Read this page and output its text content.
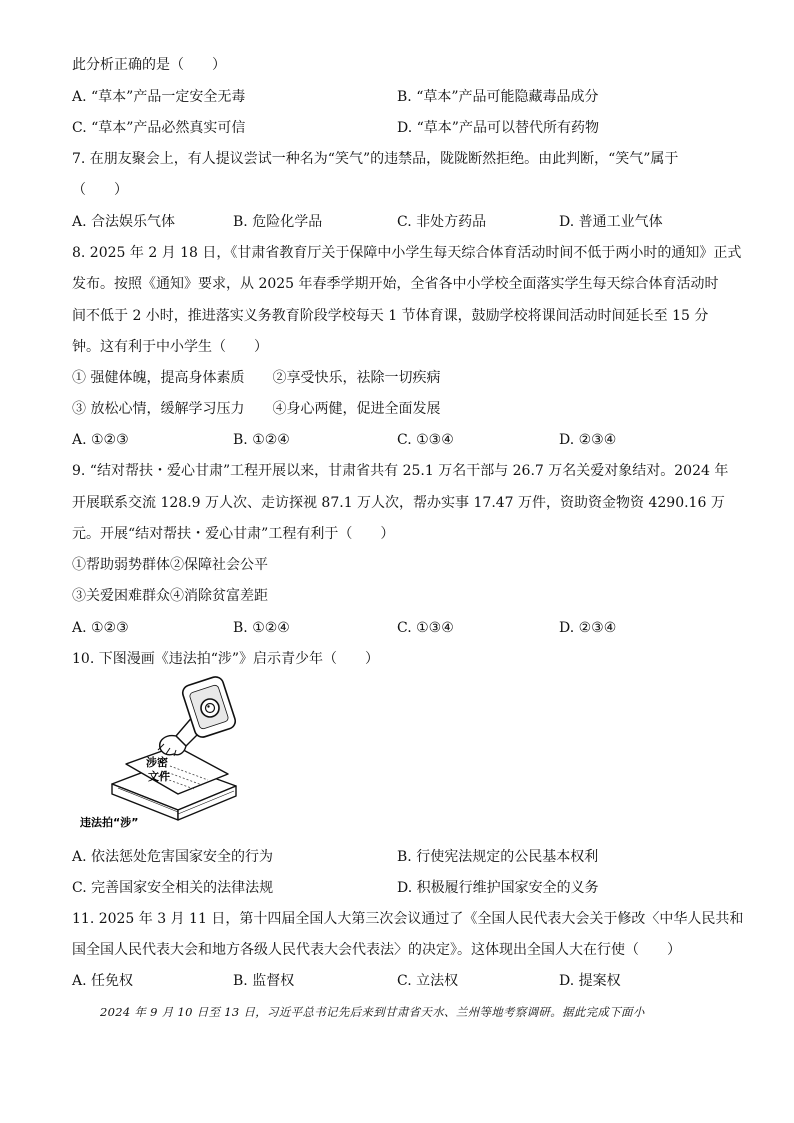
此分析正确的是（　　）
A. “草本”产品一定安全无毒	B. “草本”产品可能隐藏毒品成分
C. “草本”产品必然真实可信	D. “草本”产品可以替代所有药物
7. 在朋友聚会上，有人提议尝试一种名为“笑气”的违禁品，陇陇断然拒绝。由此判断，“笑气”属于
（　　）
A. 合法娱乐气体	B. 危险化学品	C. 非处方药品	D. 普通工业气体
8. 2025 年 2 月 18 日，《甘肃省教育厅关于保障中小学生每天综合体育活动时间不低于两小时的通知》正式
发布。按照《通知》要求，从 2025 年春季学期开始，全省各中小学校全面落实学生每天综合体育活动时
间不低于 2 小时，推进落实义务教育阶段学校每天 1 节体育课，鼓励学校将课间活动时间延长至 15 分
钟。这有利于中小学生（　　）
① 强健体魄，提高身体素质　　②享受快乐，祛除一切疾病
③ 放松心情，缓解学习压力　　④身心两健，促进全面发展
A. ①②③	B. ①②④	C. ①③④	D. ②③④
9. “结对帮扶・爱心甘肃”工程开展以来，甘肃省共有 25.1 万名干部与 26.7 万名关爱对象结对。2024 年
开展联系交流 128.9 万人次、走访探视 87.1 万人次，帮办实事 17.47 万件，资助资金物资 4290.16 万
元。开展“结对帮扶・爱心甘肃”工程有利于（　　）
①帮助弱势群体②保障社会公平
③关爱困难群众④消除贫富差距
A. ①②③	B. ①②④	C. ①③④	D. ②③④
10. 下图漫画《违法拍“涉”》启示青少年（　　）
涉密
文件
违法拍“涉”
A. 依法惩处危害国家安全的行为	B. 行使宪法规定的公民基本权利
C. 完善国家安全相关的法律法规	D. 积极履行维护国家安全的义务
11. 2025 年 3 月 11 日，第十四届全国人大第三次会议通过了《全国人民代表大会关于修改〈中华人民共和
国全国人民代表大会和地方各级人民代表大会代表法〉的决定》。这体现出全国人大在行使（　　）
A. 任免权	B. 监督权	C. 立法权	D. 提案权
2024 年 9 月 10 日至 13 日，习近平总书记先后来到甘肃省天水、兰州等地考察调研。据此完成下面小
